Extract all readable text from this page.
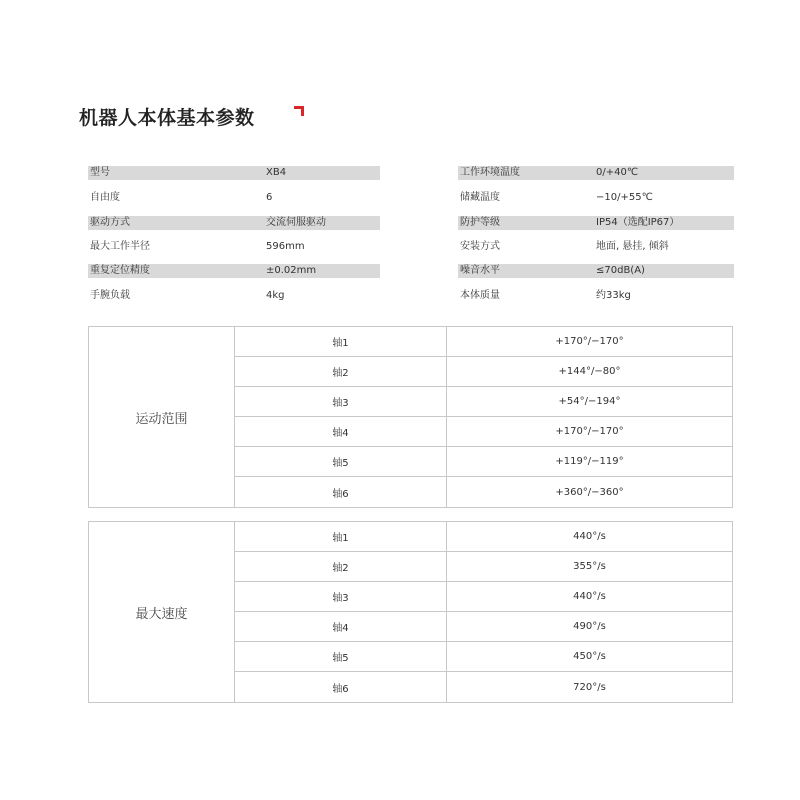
机器人本体基本参数
型号	XB4
自由度	6
驱动方式	交流伺服驱动
最大工作半径	596mm
重复定位精度	±0.02mm
手腕负载	4kg
工作环境温度	0/+40℃
储藏温度	−10/+55℃
防护等级	IP54（选配IP67）
安装方式	地面, 悬挂, 倾斜
噪音水平	≤70dB(A)
本体质量	约33kg
运动范围
轴1	+170°/−170°
轴2	+144°/−80°
轴3	+54°/−194°
轴4	+170°/−170°
轴5	+119°/−119°
轴6	+360°/−360°
最大速度
轴1	440°/s
轴2	355°/s
轴3	440°/s
轴4	490°/s
轴5	450°/s
轴6	720°/s
